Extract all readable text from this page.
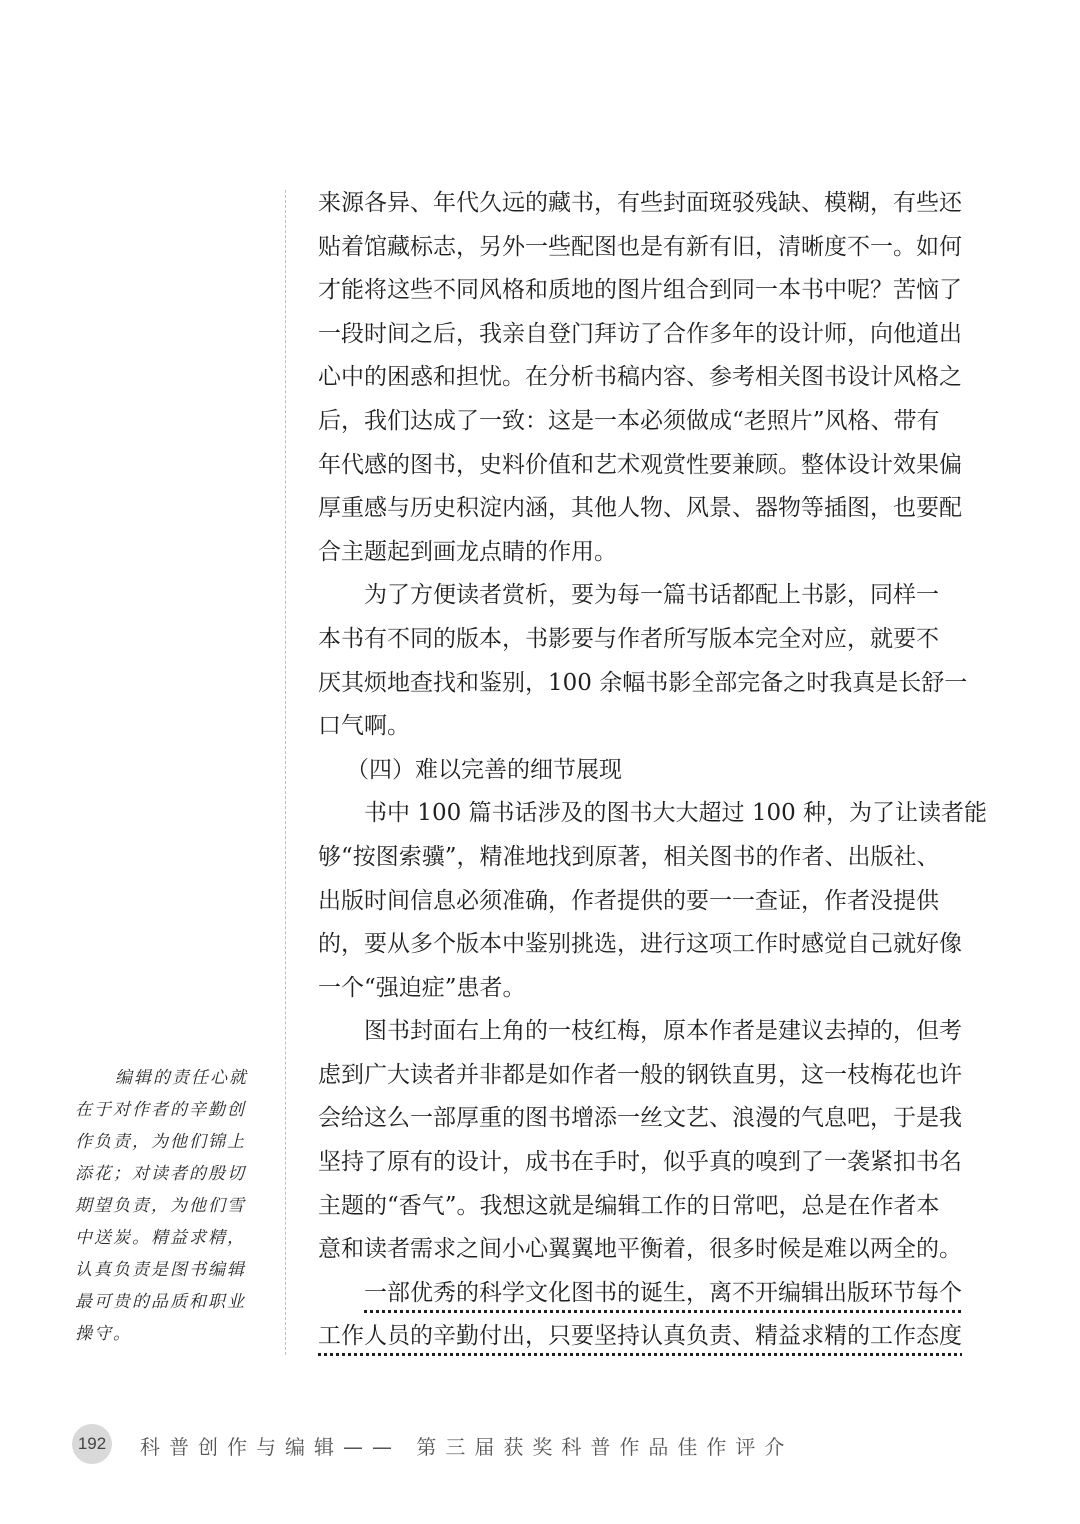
来源各异、年代久远的藏书，有些封面斑驳残缺、模糊，有些还
贴着馆藏标志，另外一些配图也是有新有旧，清晰度不一。如何
才能将这些不同风格和质地的图片组合到同一本书中呢？苦恼了
一段时间之后，我亲自登门拜访了合作多年的设计师，向他道出
心中的困惑和担忧。在分析书稿内容、参考相关图书设计风格之
后，我们达成了一致：这是一本必须做成“老照片”风格、带有
年代感的图书，史料价值和艺术观赏性要兼顾。整体设计效果偏
厚重感与历史积淀内涵，其他人物、风景、器物等插图，也要配
合主题起到画龙点睛的作用。

为了方便读者赏析，要为每一篇书话都配上书影，同样一
本书有不同的版本，书影要与作者所写版本完全对应，就要不
厌其烦地查找和鉴别，100 余幅书影全部完备之时我真是长舒一
口气啊。

（四）难以完善的细节展现

书中 100 篇书话涉及的图书大大超过 100 种，为了让读者能
够“按图索骥”，精准地找到原著，相关图书的作者、出版社、
出版时间信息必须准确，作者提供的要一一查证，作者没提供
的，要从多个版本中鉴别挑选，进行这项工作时感觉自己就好像
一个“强迫症”患者。

图书封面右上角的一枝红梅，原本作者是建议去掉的，但考
虑到广大读者并非都是如作者一般的钢铁直男，这一枝梅花也许
会给这么一部厚重的图书增添一丝文艺、浪漫的气息吧，于是我
坚持了原有的设计，成书在手时，似乎真的嗅到了一袭紧扣书名
主题的“香气”。我想这就是编辑工作的日常吧，总是在作者本
意和读者需求之间小心翼翼地平衡着，很多时候是难以两全的。

一部优秀的科学文化图书的诞生，离不开编辑出版环节每个
工作人员的辛勤付出，只要坚持认真负责、精益求精的工作态度

编辑的责任心就
在于对作者的辛勤创
作负责，为他们锦上
添花；对读者的殷切
期望负责，为他们雪
中送炭。精益求精，
认真负责是图书编辑
最可贵的品质和职业
操守。
192 科普创作与编辑—— 第三届获奖科普作品佳作评介
